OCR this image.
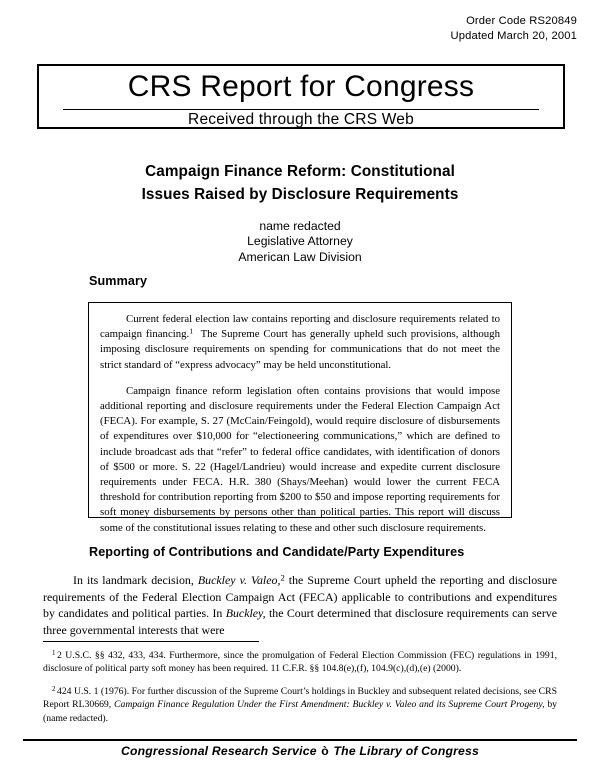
Order Code RS20849
Updated March 20, 2001
CRS Report for Congress
Received through the CRS Web
Campaign Finance Reform: Constitutional
Issues Raised by Disclosure Requirements
name redacted
Legislative Attorney
American Law Division
Summary

Current federal election law contains reporting and disclosure requirements related to campaign financing.$^1$ The Supreme Court has generally upheld such provisions, although imposing disclosure requirements on spending for communications that do not meet the strict standard of “express advocacy” may be held unconstitutional.

Campaign finance reform legislation often contains provisions that would impose additional reporting and disclosure requirements under the Federal Election Campaign Act (FECA). For example, S. 27 (McCain/Feingold), would require disclosure of disbursements of expenditures over $10,000 for “electioneering communications,” which are defined to include broadcast ads that “refer” to federal office candidates, with identification of donors of $500 or more. S. 22 (Hagel/Landrieu) would increase and expedite current disclosure requirements under FECA. H.R. 380 (Shays/Meehan) would lower the current FECA threshold for contribution reporting from $200 to $50 and impose reporting requirements for soft money disbursements by persons other than political parties. This report will discuss some of the constitutional issues relating to these and other such disclosure requirements.

Reporting of Contributions and Candidate/Party Expenditures

In its landmark decision, Buckley v. Valeo,$^2$ the Supreme Court upheld the reporting and disclosure requirements of the Federal Election Campaign Act (FECA) applicable to contributions and expenditures by candidates and political parties. In Buckley, the Court determined that disclosure requirements can serve three governmental interests that were

$^1$ 2 U.S.C. §§ 432, 433, 434. Furthermore, since the promulgation of Federal Election Commission (FEC) regulations in 1991, disclosure of political party soft money has been required. 11 C.F.R. §§ 104.8(e),(f), 104.9(c),(d),(e) (2000).

$^2$ 424 U.S. 1 (1976). For further discussion of the Supreme Court’s holdings in Buckley and subsequent related decisions, see CRS Report RL30669, Campaign Finance Regulation Under the First Amendment: Buckley v. Valeo and its Supreme Court Progeny, by (name redacted).

Congressional Research Service ò The Library of Congress
